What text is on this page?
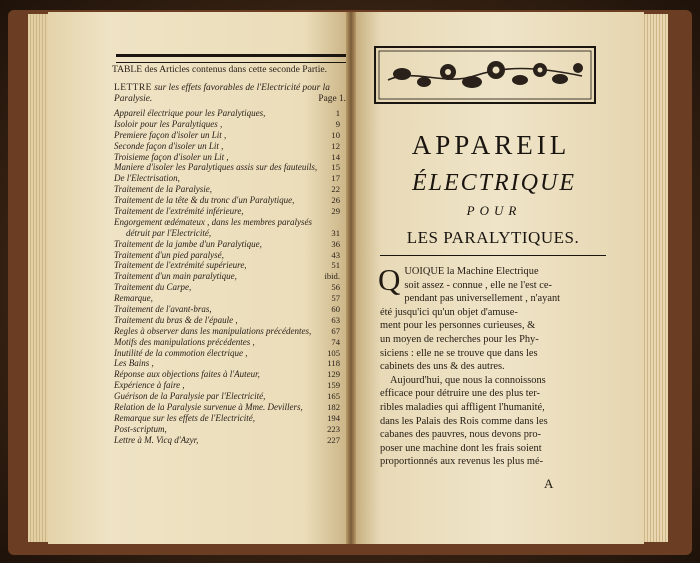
TABLE des Articles contenus dans cette seconde Partie.
LETTRE sur les effets favorables de l'Electricité pour la Paralysie.	Page 1.
Appareil électrique pour les Paralytiques,	1
Isoloir pour les Paralytiques ,	9
Premiere façon d'isoler un Lit ,	10
Seconde façon d'isoler un Lit ,	12
Troisieme façon d'isoler un Lit ,	14
Maniere d'isoler les Paralytiques assis sur des fauteuils, 15
De l'Electrisation,	17
Traitement de la Paralysie,	22
Traitement de la tête & du tronc d'un Paralytique,	26
Traitement de l'extrémité inférieure,	29
Engorgement œdémateux , dans les membres paralysés
détruit par l'Electricité,	31
Traitement de la jambe d'un Paralytique,	36
Traitement d'un pied paralysé,	43
Traitement de l'extrémité supérieure,	51
Traitement d'un main paralytique,	ibid.
Traitement du Carpe,	56
Remarque,	57
Traitement de l'avant-bras,	60
Traitement du bras & de l'épaule ,	63
Regles à observer dans les manipulations précédentes, 67
Motifs des manipulations précédentes ,	74
Inutilité de la commotion électrique ,	105
Les Bains ,	118
Réponse aux objections faites à l'Auteur,	129
Expérience à faire ,	159
Guérison de la Paralysie par l'Electricité,	165
Relation de la Paralysie survenue à Mme. Devillers,	182
Remarque sur les effets de l'Electricité,	194
Post-scriptum,	223
Lettre à M. Vicq d'Azyr,	227
APPAREIL
ÉLECTRIQUE
POUR
LES PARALYTIQUES.
Q UOIQUE la Machine Electrique
soit assez - connue , elle ne l'est ce-
pendant pas universellement , n'ayant
été jusqu'ici qu'un objet d'amuse-
ment pour les personnes curieuses, &
un moyen de recherches pour les Phy-
siciens : elle ne se trouve que dans les
cabinets des uns & des autres.
Aujourd'hui, que nous la connoissons
efficace pour détruire une des plus ter-
ribles maladies qui affligent l'humanité,
dans les Palais des Rois comme dans les
cabanes des pauvres, nous devons pro-
poser une machine dont les frais soient
proportionnés aux revenus les plus mé-
A
